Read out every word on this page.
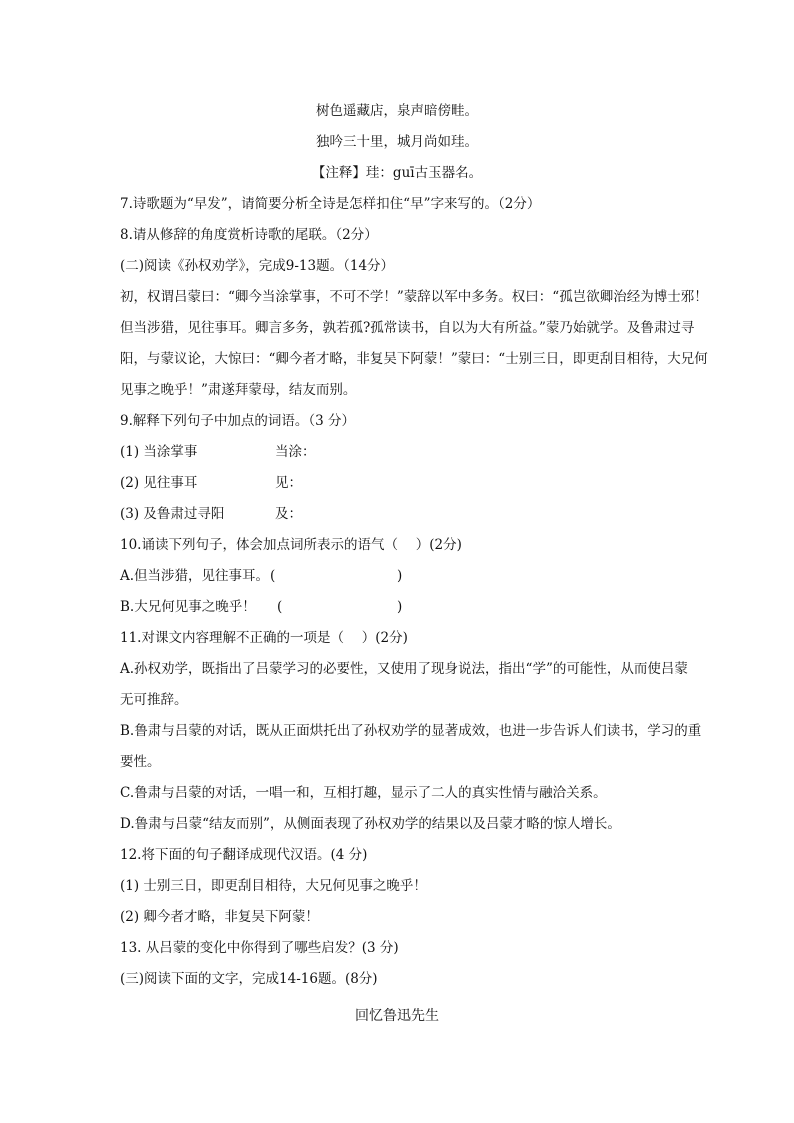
树色遥藏店，泉声暗傍畦。
独吟三十里，城月尚如珪。
【注释】珪：guī古玉器名。
7.诗歌题为“早发”，请简要分析全诗是怎样扣住“早”字来写的。（2分）
8.请从修辞的角度赏析诗歌的尾联。（2分）
(二)阅读《孙权劝学》，完成9-13题。（14分）
初，权谓吕蒙曰：“卿今当涂掌事，不可不学！”蒙辞以军中多务。权曰：“孤岂欲卿治经为博士邪！
但当涉猎，见往事耳。卿言多务，孰若孤?孤常读书，自以为大有所益。”蒙乃始就学。及鲁肃过寻
阳，与蒙议论，大惊曰：“卿今者才略，非复吴下阿蒙！”蒙曰：“士别三日，即更刮目相待，大兄何
见事之晚乎！”肃遂拜蒙母，结友而别。
9.解释下列句子中加点的词语。（3 分）
(1) 当涂掌事	当涂：
(2) 见往事耳	见：
(3) 及鲁肃过寻阳	及：
10.诵读下列句子，体会加点词所表示的语气（　 ）(2分)
A.但当涉猎，见往事耳。 (	)
B.大兄何见事之晚乎！ (	)
11.对课文内容理解不正确的一项是（　 ）(2分)
A.孙权劝学，既指出了吕蒙学习的必要性，又使用了现身说法，指出“学”的可能性，从而使吕蒙
无可推辞。
B.鲁肃与吕蒙的对话，既从正面烘托出了孙权劝学的显著成效，也进一步告诉人们读书，学习的重
要性。
C.鲁肃与吕蒙的对话，一唱一和，互相打趣，显示了二人的真实性情与融洽关系。
D.鲁肃与吕蒙“结友而别”，从侧面表现了孙权劝学的结果以及吕蒙才略的惊人增长。
12.将下面的句子翻译成现代汉语。(4 分)
(1) 士别三日，即更刮目相待，大兄何见事之晚乎！
(2) 卿今者才略，非复吴下阿蒙！
13. 从吕蒙的变化中你得到了哪些启发？(3 分)
(三)阅读下面的文字，完成14-16题。(8分)
回忆鲁迅先生
